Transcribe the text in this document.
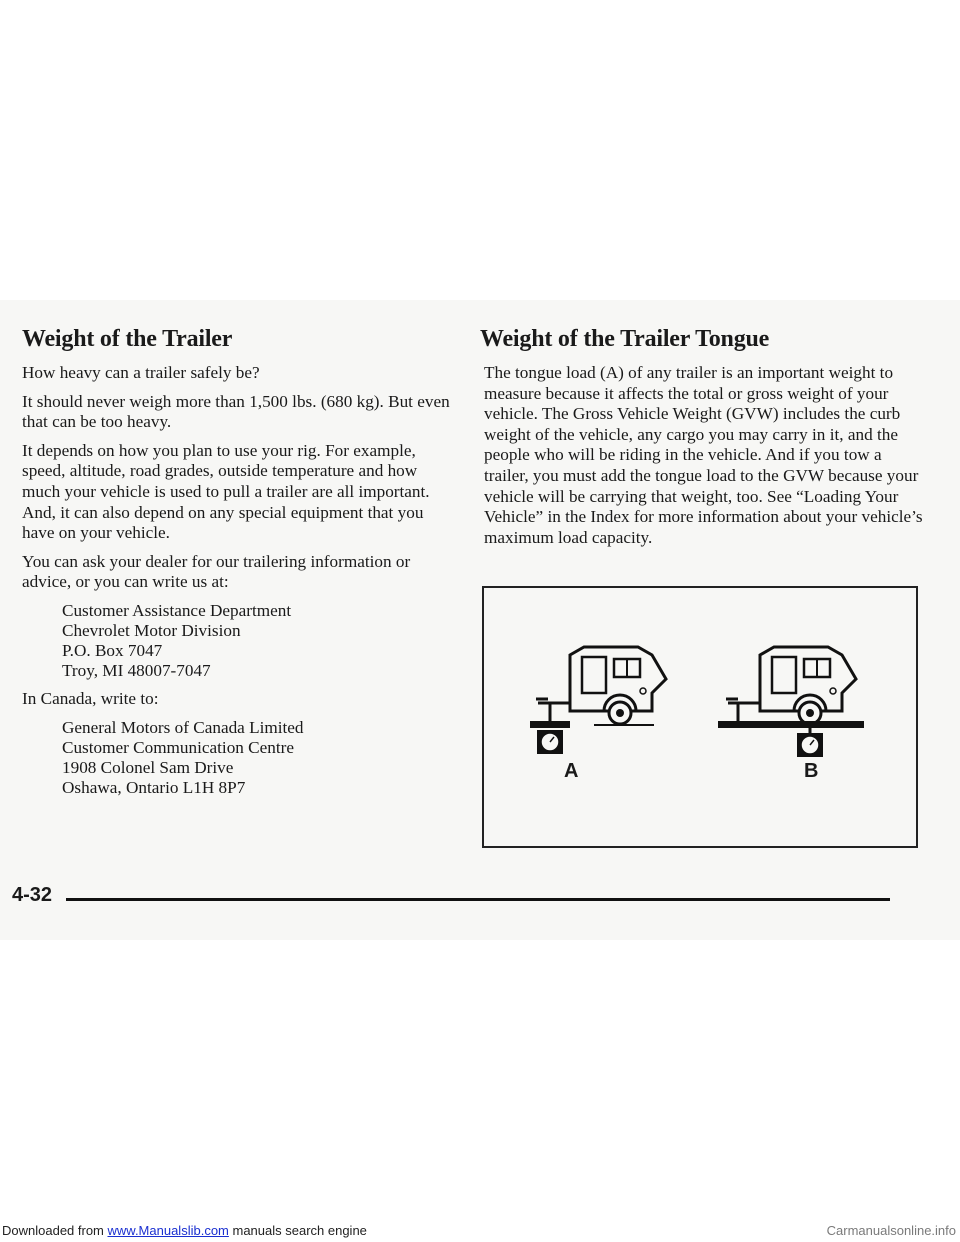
Weight of the Trailer

How heavy can a trailer safely be?

It should never weigh more than 1,500 lbs. (680 kg). But even that can be too heavy.

It depends on how you plan to use your rig. For example, speed, altitude, road grades, outside temperature and how much your vehicle is used to pull a trailer are all important. And, it can also depend on any special equipment that you have on your vehicle.

You can ask your dealer for our trailering information or advice, or you can write us at:

Customer Assistance Department
Chevrolet Motor Division
P.O. Box 7047
Troy, MI 48007-7047

In Canada, write to:

General Motors of Canada Limited
Customer Communication Centre
1908 Colonel Sam Drive
Oshawa, Ontario L1H 8P7
Weight of the Trailer Tongue

The tongue load (A) of any trailer is an important weight to measure because it affects the total or gross weight of your vehicle. The Gross Vehicle Weight (GVW) includes the curb weight of the vehicle, any cargo you may carry in it, and the people who will be riding in the vehicle. And if you tow a trailer, you must add the tongue load to the GVW because your vehicle will be carrying that weight, too. See “Loading Your Vehicle” in the Index for more information about your vehicle’s maximum load capacity.

A	B
4-32
Downloaded from www.Manualslib.com manuals search engine	Carmanualsonline.info
